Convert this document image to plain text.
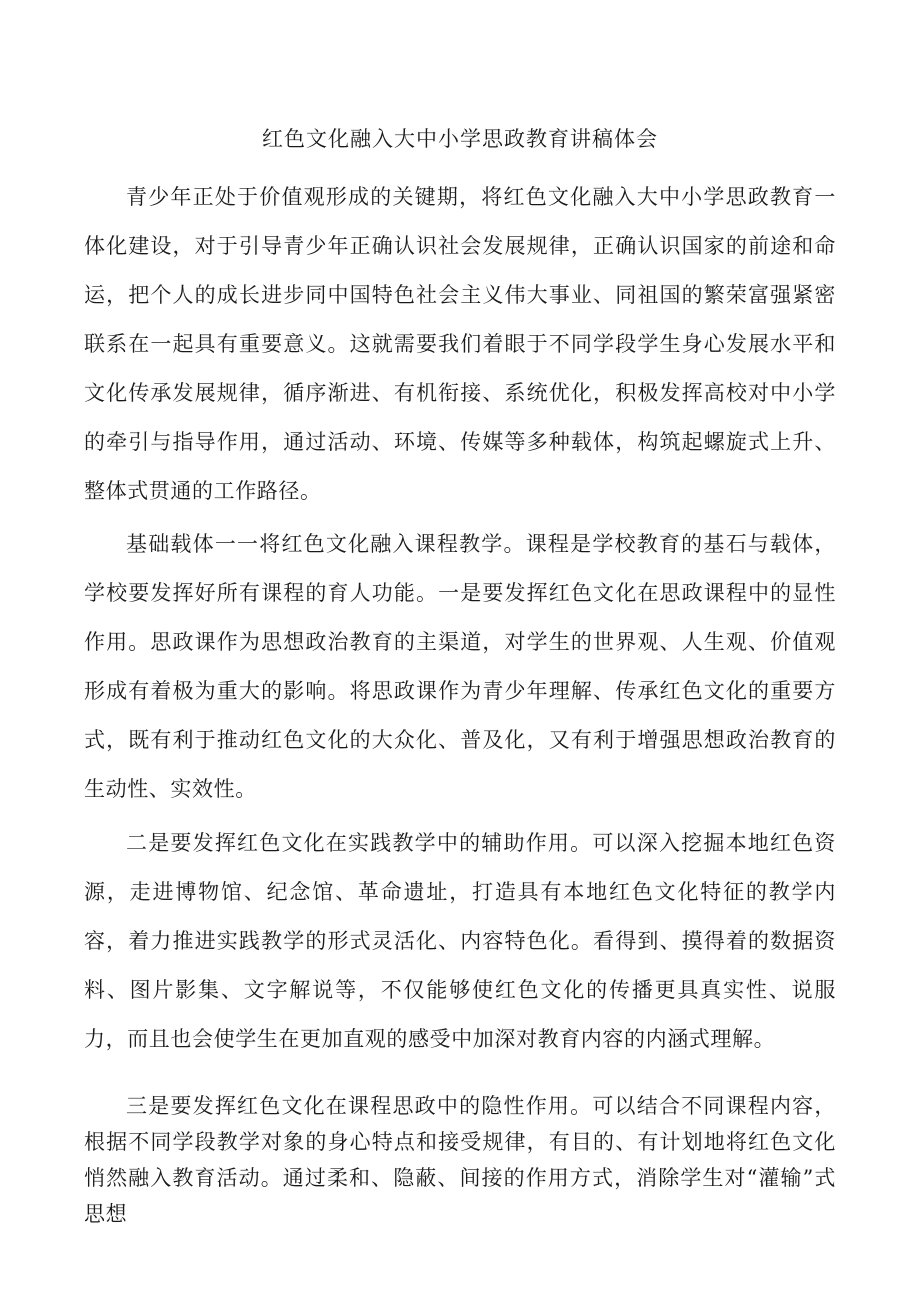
红色文化融入大中小学思政教育讲稿体会

青少年正处于价值观形成的关键期，将红色文化融入大中小学思政教育一体化建设，对于引导青少年正确认识社会发展规律，正确认识国家的前途和命运，把个人的成长进步同中国特色社会主义伟大事业、同祖国的繁荣富强紧密联系在一起具有重要意义。这就需要我们着眼于不同学段学生身心发展水平和文化传承发展规律，循序渐进、有机衔接、系统优化，积极发挥高校对中小学的牵引与指导作用，通过活动、环境、传媒等多种载体，构筑起螺旋式上升、整体式贯通的工作路径。

基础载体一一将红色文化融入课程教学。课程是学校教育的基石与载体，学校要发挥好所有课程的育人功能。一是要发挥红色文化在思政课程中的显性作用。思政课作为思想政治教育的主渠道，对学生的世界观、人生观、价值观形成有着极为重大的影响。将思政课作为青少年理解、传承红色文化的重要方式，既有利于推动红色文化的大众化、普及化，又有利于增强思想政治教育的生动性、实效性。

二是要发挥红色文化在实践教学中的辅助作用。可以深入挖掘本地红色资源，走进博物馆、纪念馆、革命遗址，打造具有本地红色文化特征的教学内容，着力推进实践教学的形式灵活化、内容特色化。看得到、摸得着的数据资料、图片影集、文字解说等，不仅能够使红色文化的传播更具真实性、说服力，而且也会使学生在更加直观的感受中加深对教育内容的内涵式理解。

三是要发挥红色文化在课程思政中的隐性作用。可以结合不同课程内容，根据不同学段教学对象的身心特点和接受规律，有目的、有计划地将红色文化悄然融入教育活动。通过柔和、隐蔽、间接的作用方式，消除学生对“灌输”式思想
